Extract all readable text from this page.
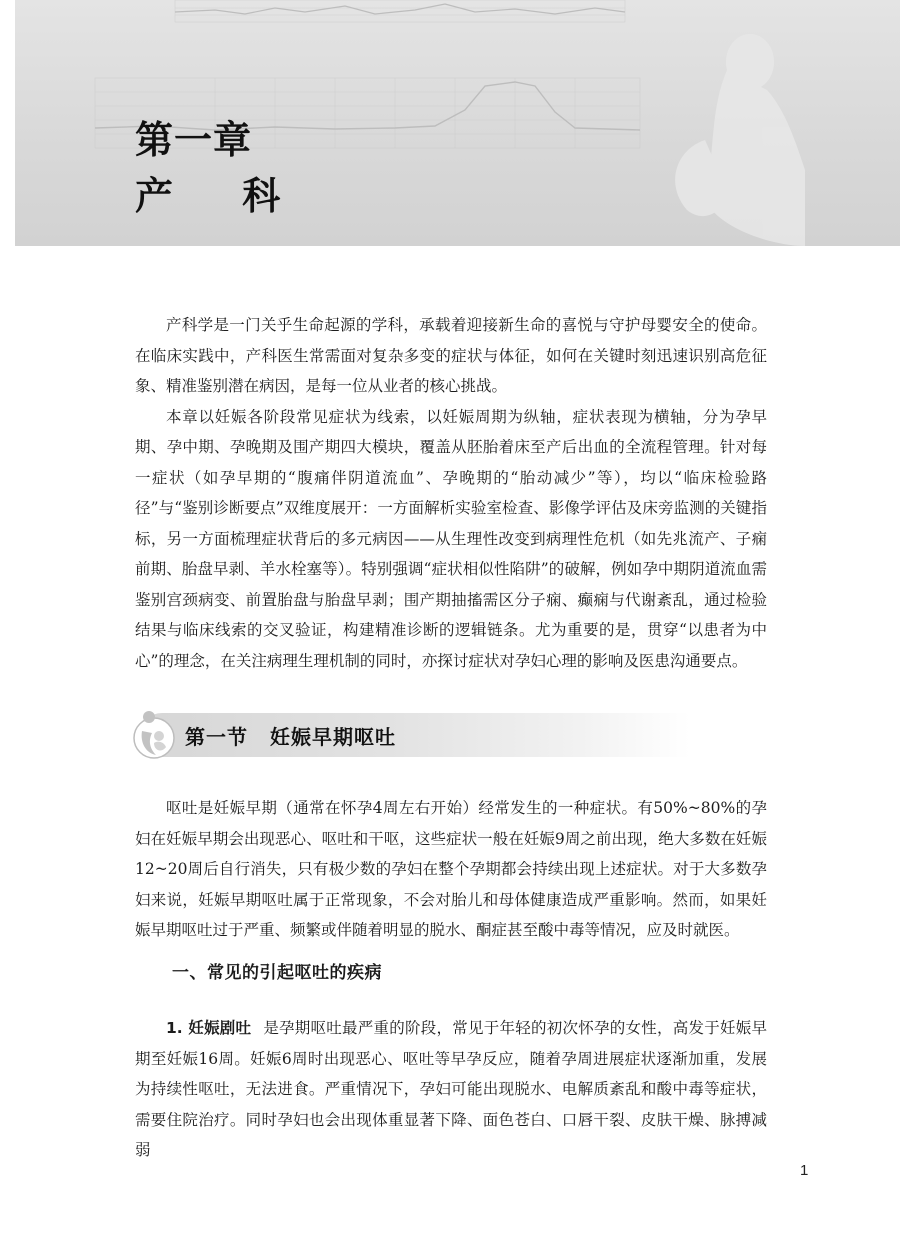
第一章
产 科

产科学是一门关乎生命起源的学科，承载着迎接新生命的喜悦与守护母婴安全的使命。在临床实践中，产科医生常需面对复杂多变的症状与体征，如何在关键时刻迅速识别高危征象、精准鉴别潜在病因，是每一位从业者的核心挑战。

本章以妊娠各阶段常见症状为线索，以妊娠周期为纵轴，症状表现为横轴，分为孕早期、孕中期、孕晚期及围产期四大模块，覆盖从胚胎着床至产后出血的全流程管理。针对每一症状（如孕早期的“腹痛伴阴道流血”、孕晚期的“胎动减少”等），均以“临床检验路径”与“鉴别诊断要点”双维度展开：一方面解析实验室检查、影像学评估及床旁监测的关键指标，另一方面梳理症状背后的多元病因——从生理性改变到病理性危机（如先兆流产、子痫前期、胎盘早剥、羊水栓塞等）。特别强调“症状相似性陷阱”的破解，例如孕中期阴道流血需鉴别宫颈病变、前置胎盘与胎盘早剥；围产期抽搐需区分子痫、癫痫与代谢紊乱，通过检验结果与临床线索的交叉验证，构建精准诊断的逻辑链条。尤为重要的是，贯穿“以患者为中心”的理念，在关注病理生理机制的同时，亦探讨症状对孕妇心理的影响及医患沟通要点。

第一节 妊娠早期呕吐

呕吐是妊娠早期（通常在怀孕4周左右开始）经常发生的一种症状。有50%~80%的孕妇在妊娠早期会出现恶心、呕吐和干呕，这些症状一般在妊娠9周之前出现，绝大多数在妊娠12~20周后自行消失，只有极少数的孕妇在整个孕期都会持续出现上述症状。对于大多数孕妇来说，妊娠早期呕吐属于正常现象，不会对胎儿和母体健康造成严重影响。然而，如果妊娠早期呕吐过于严重、频繁或伴随着明显的脱水、酮症甚至酸中毒等情况，应及时就医。

一、常见的引起呕吐的疾病

1. 妊娠剧吐 是孕期呕吐最严重的阶段，常见于年轻的初次怀孕的女性，高发于妊娠早期至妊娠16周。妊娠6周时出现恶心、呕吐等早孕反应，随着孕周进展症状逐渐加重，发展为持续性呕吐，无法进食。严重情况下，孕妇可能出现脱水、电解质紊乱和酸中毒等症状，需要住院治疗。同时孕妇也会出现体重显著下降、面色苍白、口唇干裂、皮肤干燥、脉搏减弱

1
